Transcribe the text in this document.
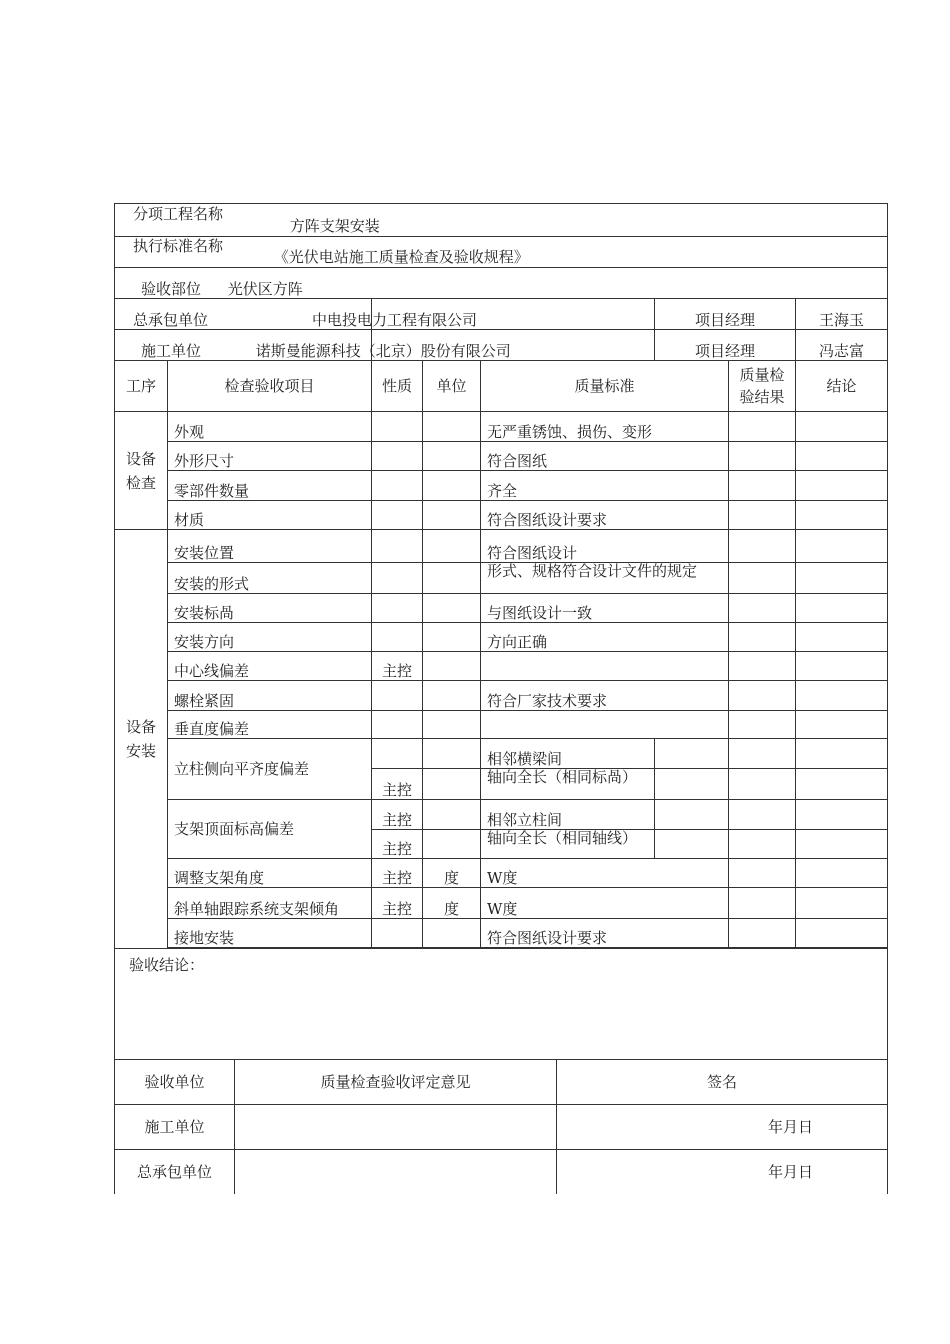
分项工程名称 方阵支架安装									
执行标准名称 《光伏电站施工质量检查及验收规程》									
验收部位 光伏区方阵									
总承包单位		中电投电力工程有限公司				项目经理		王海玉	
施工单位 诺斯曼能源科技（北京）股份有限公司						项目经理		冯志富	
工序	检查验收项目	性质	单位	质量标准			质量检验结果	结论	
设备检查	外观			无严重锈蚀、损伤、变形					
	外形尺寸			符合图纸					
	零部件数量			齐全					
	材质			符合图纸设计要求					
设备安装	安装位置			符合图纸设计					
	安装的形式			形式、规格符合设计文件的规定					

	安装标咼			与图纸设计一致					
	安装方向			方向正确					
	中心线偏差	主控							
	螺栓紧固			符合厂家技术要求					
	垂直度偏差								
	立柱侧向平齐度偏差			相邻横梁间					
		主控		轴向全长（相同标咼）					

	支架顶面标高偏差	主控		相邻立柱间					
		主控		轴向全长（相同轴线）					

	调整支架角度	主控	度	W度					
	斜单轴跟踪系统支架倾角	主控	度	W度					
	接地安装			符合图纸设计要求					

验收结论：									
验收单位	质量检查验收评定意见	签名
施工单位		年月日
总承包单位		年月日
